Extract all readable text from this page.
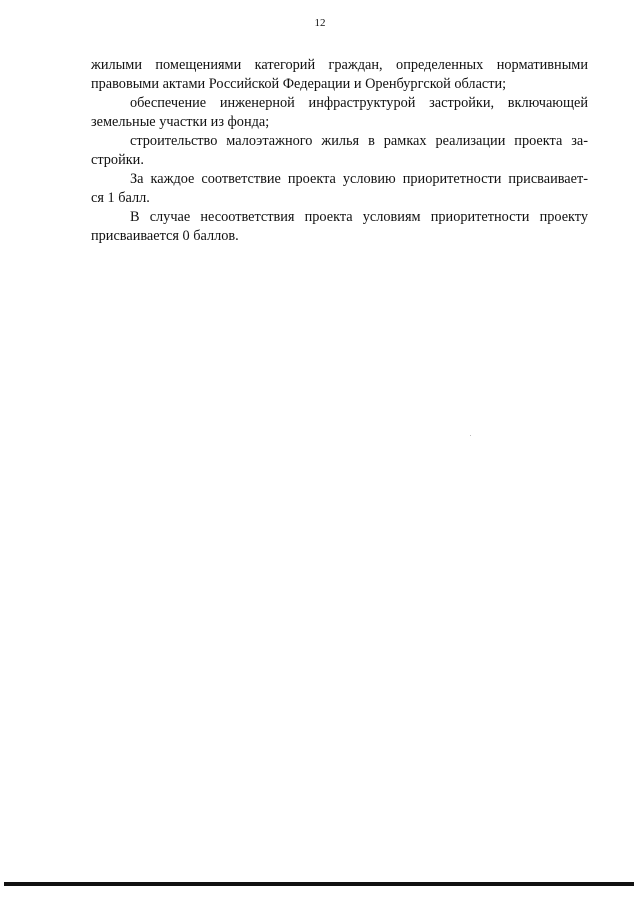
12

жилыми помещениями категорий граждан, определенных нормативными
правовыми актами Российской Федерации и Оренбургской области;

обеспечение инженерной инфраструктурой застройки, включающей
земельные участки из фонда;

строительство малоэтажного жилья в рамках реализации проекта за-
стройки.

За каждое соответствие проекта условию приоритетности присваивает-
ся 1 балл.

В случае несоответствия проекта условиям приоритетности проекту
присваивается 0 баллов.
